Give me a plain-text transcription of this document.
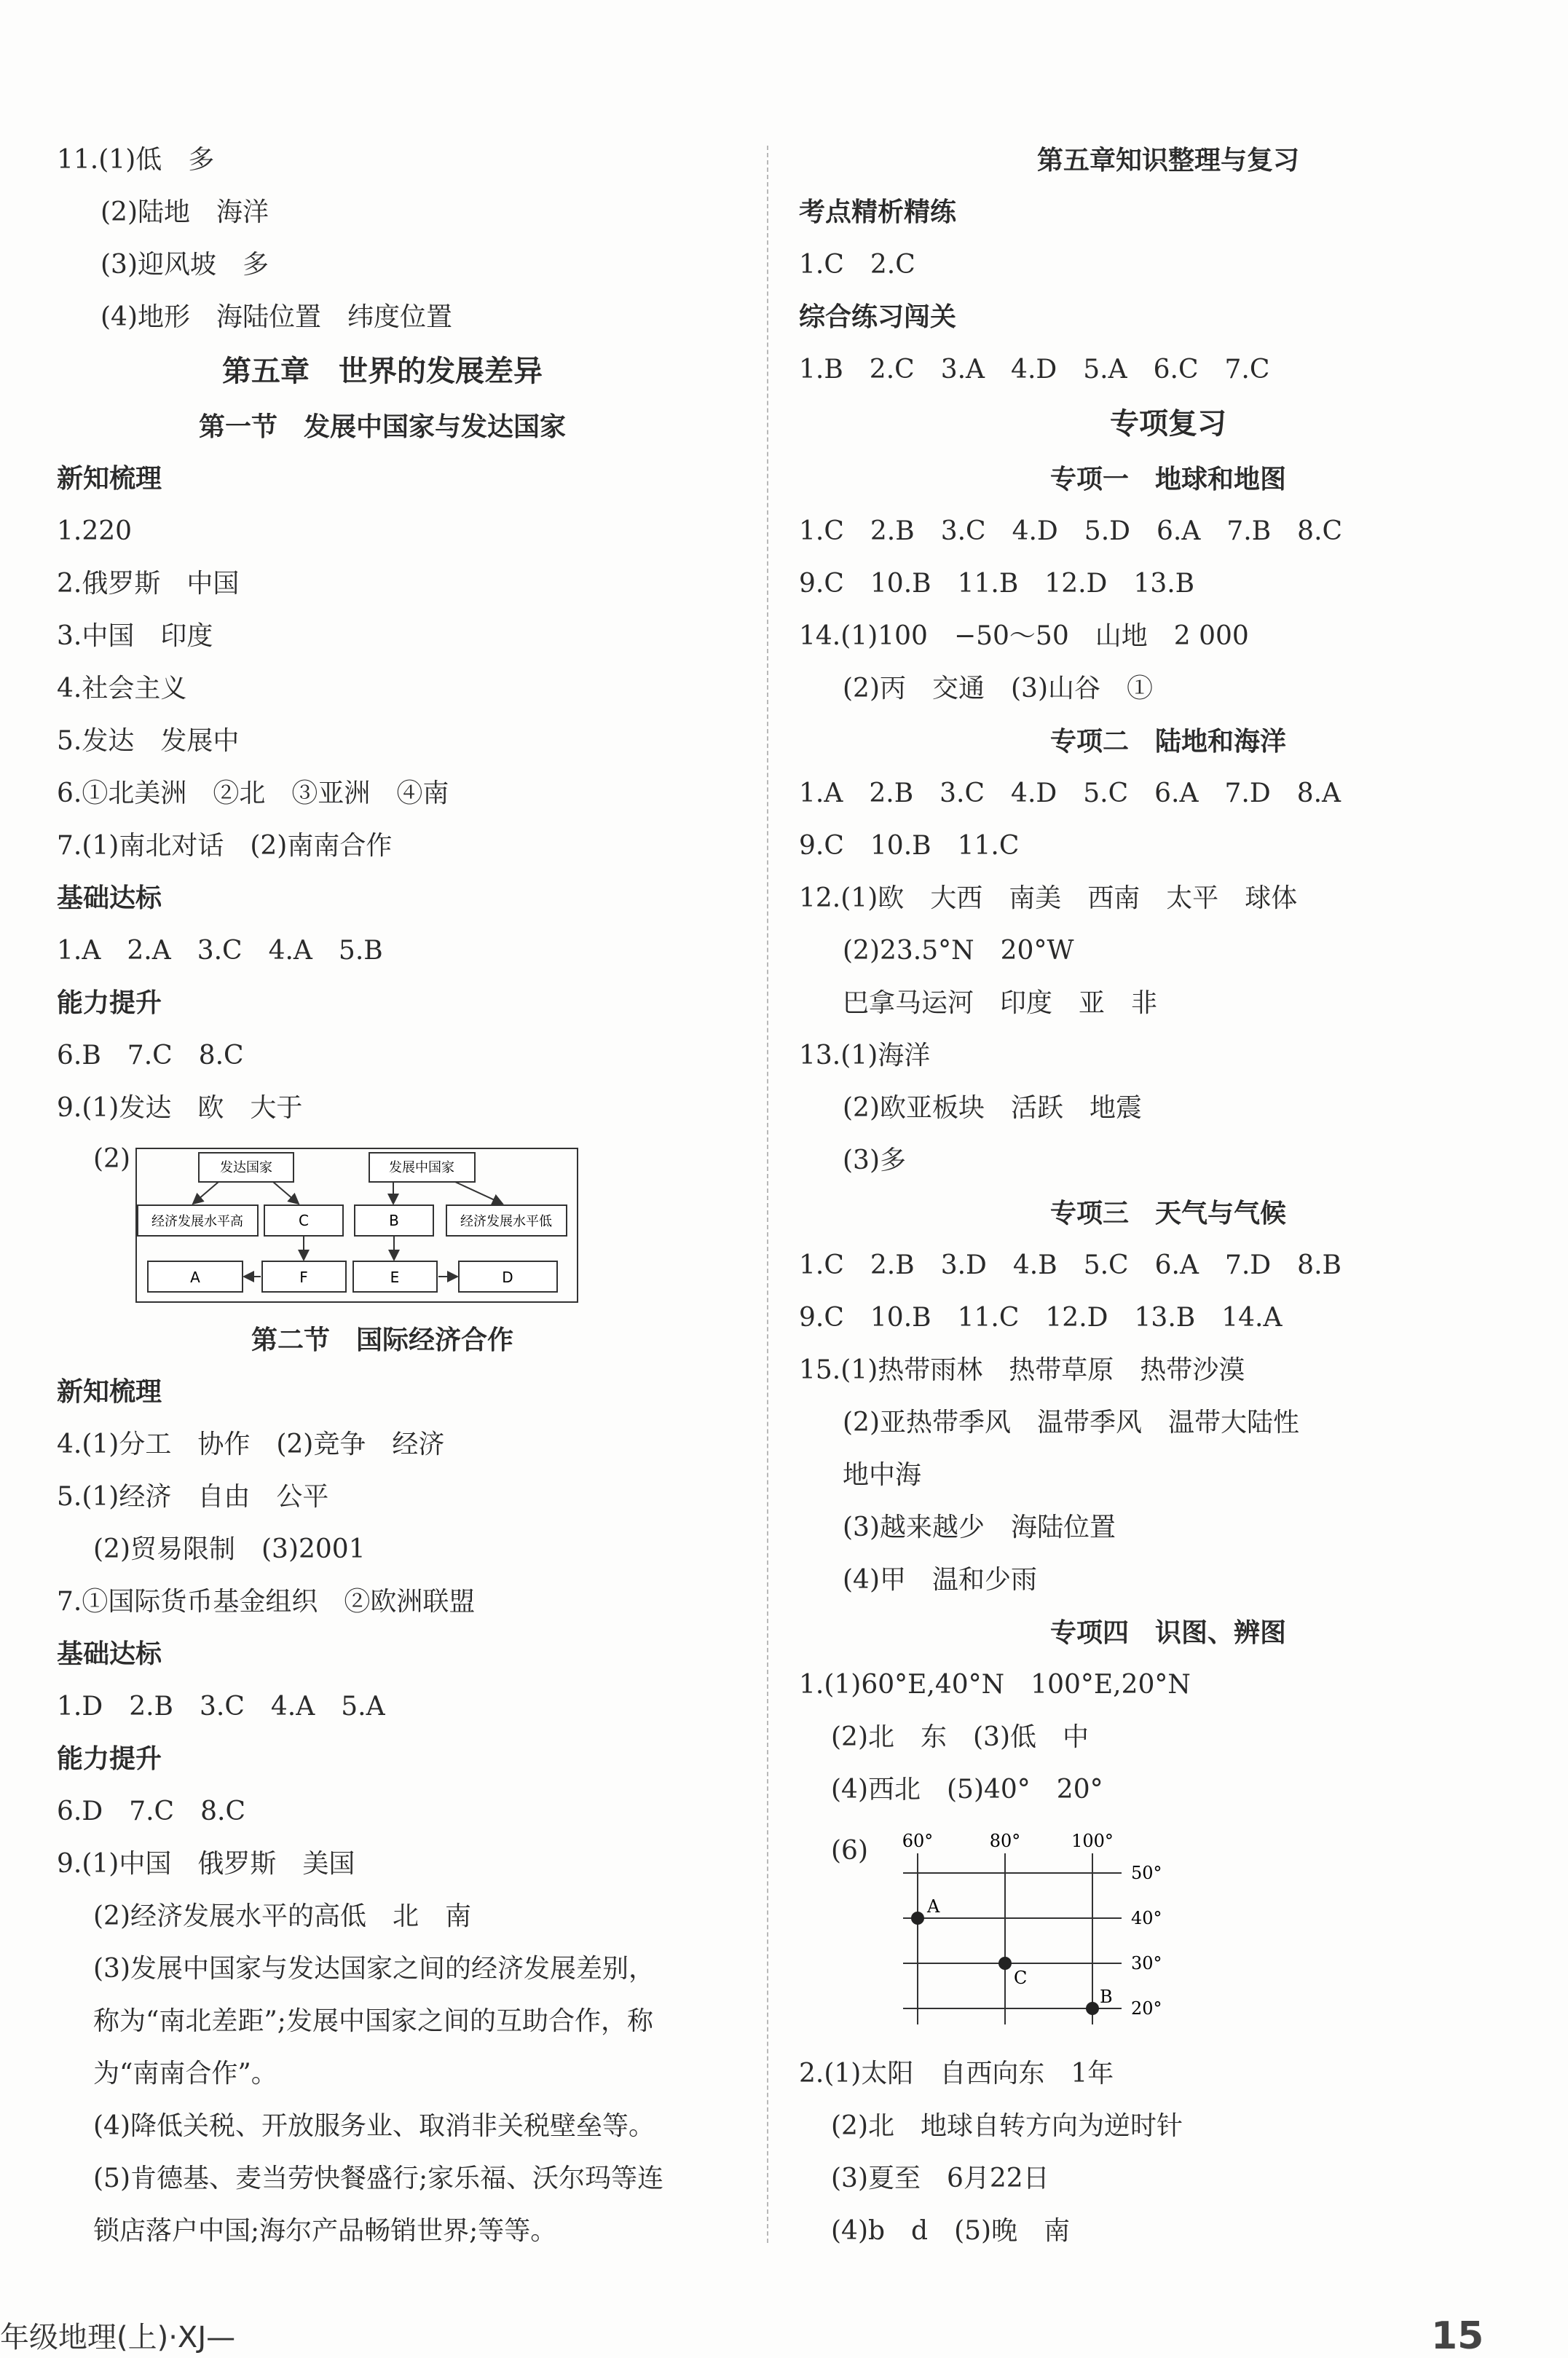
11.(1)低　多
(2)陆地　海洋
(3)迎风坡　多
(4)地形　海陆位置　纬度位置
第五章　世界的发展差异
第一节　发展中国家与发达国家
新知梳理
1.220
2.俄罗斯　中国
3.中国　印度
4.社会主义
5.发达　发展中
6.①北美洲　②北　③亚洲　④南
7.(1)南北对话　(2)南南合作
基础达标
1.A　2.A　3.C　4.A　5.B
能力提升
6.B　7.C　8.C
9.(1)发达　欧　大于
(2)	发达国家	发展中国家
经济发展水平高	C	B	经济发展水平低
A	F	E	D
第二节　国际经济合作
新知梳理
4.(1)分工　协作　(2)竞争　经济
5.(1)经济　自由　公平
(2)贸易限制　(3)2001
7.①国际货币基金组织　②欧洲联盟
基础达标
1.D　2.B　3.C　4.A　5.A
能力提升
6.D　7.C　8.C
9.(1)中国　俄罗斯　美国
(2)经济发展水平的高低　北　南
(3)发展中国家与发达国家之间的经济发展差别，
称为“南北差距”;发展中国家之间的互助合作，称
为“南南合作”。
(4)降低关税、开放服务业、取消非关税壁垒等。
(5)肯德基、麦当劳快餐盛行;家乐福、沃尔玛等连
锁店落户中国;海尔产品畅销世界;等等。
第五章知识整理与复习
考点精析精练
1.C　2.C
综合练习闯关
1.B　2.C　3.A　4.D　5.A　6.C　7.C
专项复习
专项一　地球和地图
1.C　2.B　3.C　4.D　5.D　6.A　7.B　8.C
9.C　10.B　11.B　12.D　13.B
14.(1)100　−50～50　山地　2 000
(2)丙　交通　(3)山谷　①
专项二　陆地和海洋
1.A　2.B　3.C　4.D　5.C　6.A　7.D　8.A
9.C　10.B　11.C
12.(1)欧　大西　南美　西南　太平　球体
(2)23.5°N　20°W
巴拿马运河　印度　亚　非
13.(1)海洋
(2)欧亚板块　活跃　地震
(3)多
专项三　天气与气候
1.C　2.B　3.D　4.B　5.C　6.A　7.D　8.B
9.C　10.B　11.C　12.D　13.B　14.A
15.(1)热带雨林　热带草原　热带沙漠
(2)亚热带季风　温带季风　温带大陆性
地中海
(3)越来越少　海陆位置
(4)甲　温和少雨
专项四　识图、辨图
1.(1)60°E,40°N　100°E,20°N
(2)北　东　(3)低　中
(4)西北　(5)40°　20°
(6) 60°	80°	100°
50°
40°
30°
20°
A
C
B
2.(1)太阳　自西向东　1年
(2)北　地球自转方向为逆时针
(3)夏至　6月22日
(4)b　d　(5)晚　南
年级地理(上)·XJ—	15
